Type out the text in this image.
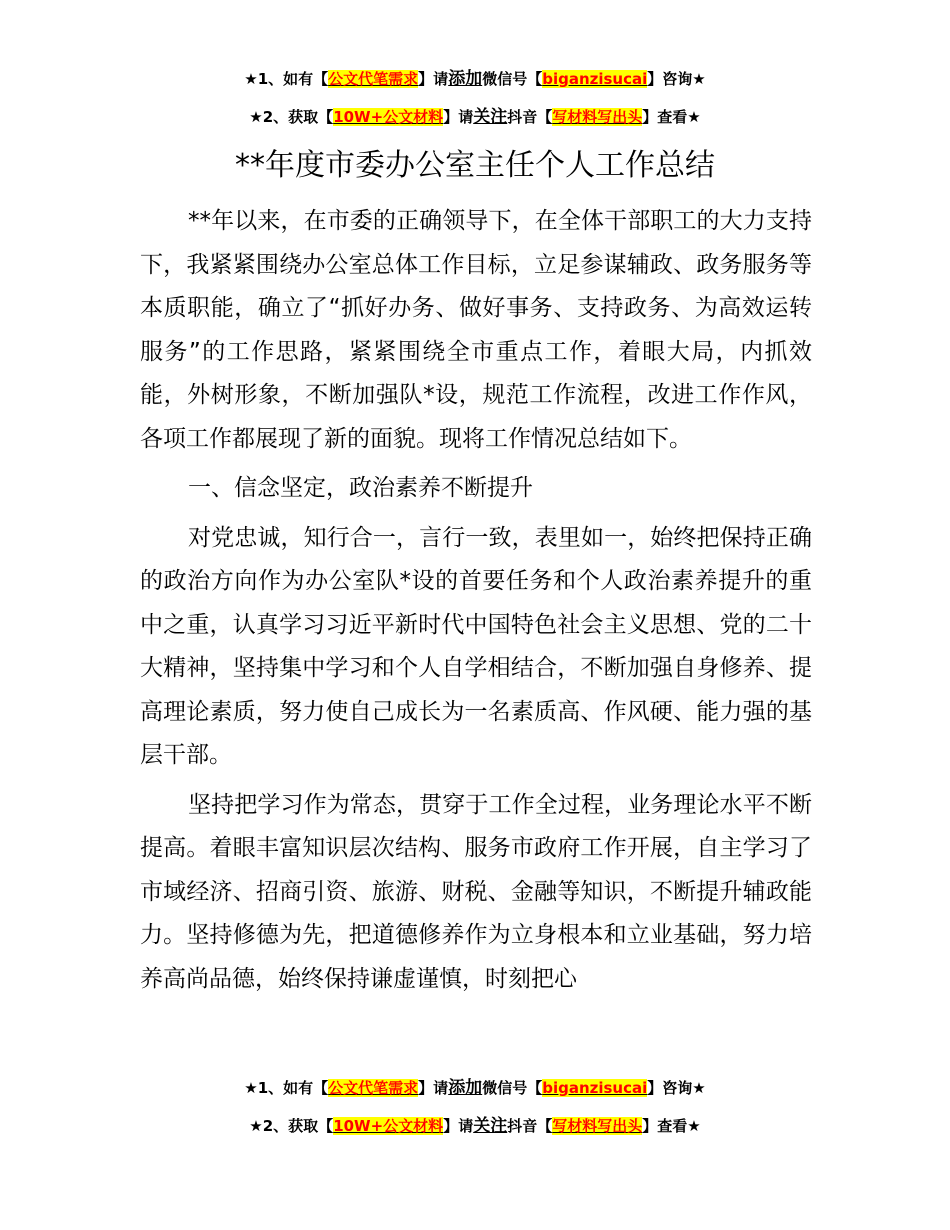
★1、如有【公文代笔需求】请添加微信号【biganzisucai】咨询★
★2、获取【10W+公文材料】请关注抖音【写材料写出头】查看★
**年度市委办公室主任个人工作总结

**年以来，在市委的正确领导下，在全体干部职工的大力支持下，我紧紧围绕办公室总体工作目标，立足参谋辅政、政务服务等本质职能，确立了“抓好办务、做好事务、支持政务、为高效运转服务”的工作思路，紧紧围绕全市重点工作，着眼大局，内抓效能，外树形象，不断加强队*设，规范工作流程，改进工作作风，各项工作都展现了新的面貌。现将工作情况总结如下。

一、信念坚定，政治素养不断提升

对党忠诚，知行合一，言行一致，表里如一，始终把保持正确的政治方向作为办公室队*设的首要任务和个人政治素养提升的重中之重，认真学习习近平新时代中国特色社会主义思想、党的二十大精神，坚持集中学习和个人自学相结合，不断加强自身修养、提高理论素质，努力使自己成长为一名素质高、作风硬、能力强的基层干部。

坚持把学习作为常态，贯穿于工作全过程，业务理论水平不断提高。着眼丰富知识层次结构、服务市政府工作开展，自主学习了市域经济、招商引资、旅游、财税、金融等知识，不断提升辅政能力。坚持修德为先，把道德修养作为立身根本和立业基础，努力培养高尚品德，始终保持谦虚谨慎，时刻把心

★1、如有【公文代笔需求】请添加微信号【biganzisucai】咨询★
★2、获取【10W+公文材料】请关注抖音【写材料写出头】查看★
